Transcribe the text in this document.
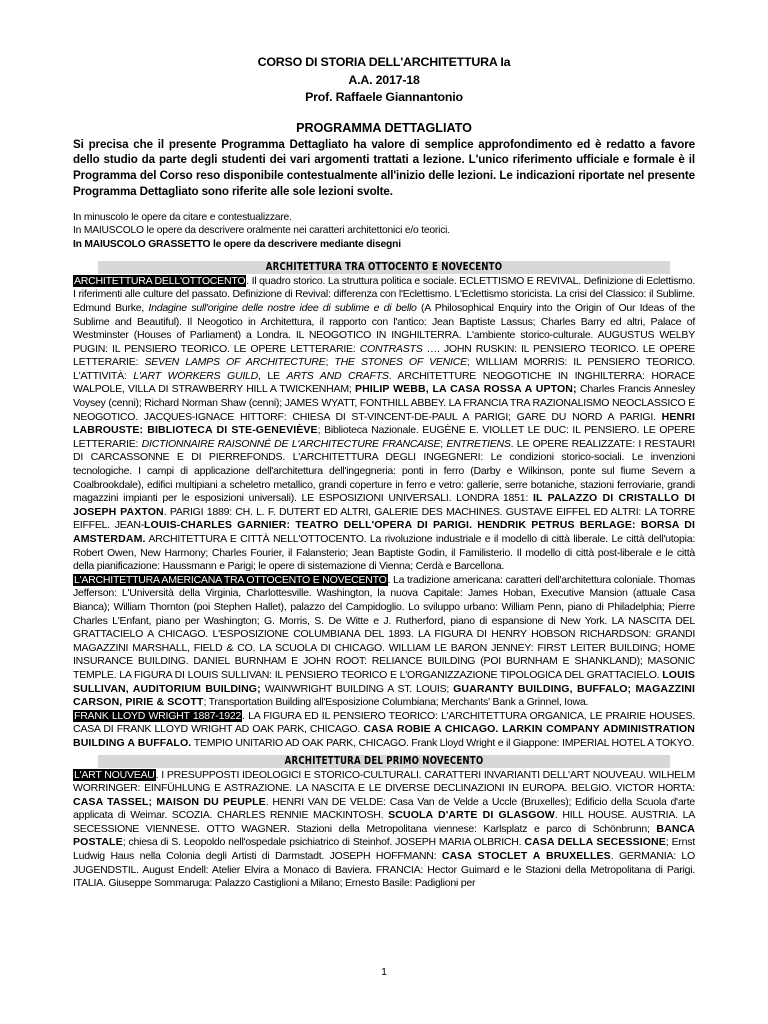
CORSO DI STORIA DELL'ARCHITETTURA Ia
A.A. 2017-18
Prof. Raffaele Giannantonio
PROGRAMMA DETTAGLIATO
Si precisa che il presente Programma Dettagliato ha valore di semplice approfondimento ed è redatto a favore dello studio da parte degli studenti dei vari argomenti trattati a lezione. L'unico riferimento ufficiale e formale è il Programma del Corso reso disponibile contestualmente all'inizio delle lezioni. Le indicazioni riportate nel presente Programma Dettagliato sono riferite alle sole lezioni svolte.
In minuscolo le opere da citare e contestualizzare.
In MAIUSCOLO le opere da descrivere oralmente nei caratteri architettonici e/o teorici.
In MAIUSCOLO GRASSETTO le opere da descrivere mediante disegni
ARCHITETTURA TRA OTTOCENTO E NOVECENTO
ARCHITETTURA DELL'OTTOCENTO. Il quadro storico. La struttura politica e sociale. ECLETTISMO E REVIVAL. Definizione di Eclettismo. I riferimenti alle culture del passato. Definizione di Revival: differenza con l'Eclettismo. L'Eclettismo storicista. La crisi del Classico: il Sublime. Edmund Burke, Indagine sull'origine delle nostre idee di sublime e di bello (A Philosophical Enquiry into the Origin of Our Ideas of the Sublime and Beautiful). Il Neogotico in Architettura, il rapporto con l'antico: Jean Baptiste Lassus; Charles Barry ed altri, Palace of Westminster (Houses of Parliament) a Londra. IL NEOGOTICO IN INGHILTERRA. L'ambiente storico-culturale. AUGUSTUS WELBY PUGIN: IL PENSIERO TEORICO. LE OPERE LETTERARIE: CONTRASTS …. JOHN RUSKIN: IL PENSIERO TEORICO. LE OPERE LETTERARIE: SEVEN LAMPS OF ARCHITECTURE; THE STONES OF VENICE; WILLIAM MORRIS: IL PENSIERO TEORICO. L'ATTIVITÀ: L'ART WORKERS GUILD, LE ARTS AND CRAFTS. ARCHITETTURE NEOGOTICHE IN INGHILTERRA: HORACE WALPOLE, VILLA DI STRAWBERRY HILL A TWICKENHAM; PHILIP WEBB, LA CASA ROSSA A UPTON; Charles Francis Annesley Voysey (cenni); Richard Norman Shaw (cenni); JAMES WYATT, FONTHILL ABBEY. LA FRANCIA TRA RAZIONALISMO NEOCLASSICO E NEOGOTICO. JACQUES-IGNACE HITTORF: CHIESA DI ST-VINCENT-DE-PAUL A PARIGI; GARE DU NORD A PARIGI. HENRI LABROUSTE: BIBLIOTECA DI STE-GENEVIÈVE; Biblioteca Nazionale. EUGÈNE E. VIOLLET LE DUC: IL PENSIERO. LE OPERE LETTERARIE: DICTIONNAIRE RAISONNÉ DE L'ARCHITECTURE FRANCAISE; ENTRETIENS. LE OPERE REALIZZATE: I RESTAURI DI CARCASSONNE E DI PIERREFONDS. L'ARCHITETTURA DEGLI INGEGNERI: Le condizioni storico-sociali. Le invenzioni tecnologiche. I campi di applicazione dell'architettura dell'ingegneria: ponti in ferro (Darby e Wilkinson, ponte sul fiume Severn a Coalbrookdale), edifici multipiani a scheletro metallico, grandi coperture in ferro e vetro: gallerie, serre botaniche, stazioni ferroviarie, grandi magazzini impianti per le esposizioni universali). LE ESPOSIZIONI UNIVERSALI. LONDRA 1851: IL PALAZZO DI CRISTALLO DI JOSEPH PAXTON. PARIGI 1889: CH. L. F. DUTERT ED ALTRI, GALERIE DES MACHINES. GUSTAVE EIFFEL ED ALTRI: LA TORRE EIFFEL. JEAN-LOUIS-CHARLES GARNIER: TEATRO DELL'OPERA DI PARIGI. HENDRIK PETRUS BERLAGE: BORSA DI AMSTERDAM. ARCHITETTURA E CITTÀ NELL'OTTOCENTO. La rivoluzione industriale e il modello di città liberale. Le città dell'utopia: Robert Owen, New Harmony; Charles Fourier, il Falansterio; Jean Baptiste Godin, il Familisterio. Il modello di città post-liberale e le città della pianificazione: Haussmann e Parigi; le opere di sistemazione di Vienna; Cerdà e Barcellona.
L'ARCHITETTURA AMERICANA TRA OTTOCENTO E NOVECENTO. La tradizione americana: caratteri dell'architettura coloniale. Thomas Jefferson: L'Università della Virginia, Charlottesville. Washington, la nuova Capitale: James Hoban, Executive Mansion (attuale Casa Bianca); William Thornton (poi Stephen Hallet), palazzo del Campidoglio. Lo sviluppo urbano: William Penn, piano di Philadelphia; Pierre Charles L'Enfant, piano per Washington; G. Morris, S. De Witte e J. Rutherford, piano di espansione di New York. LA NASCITA DEL GRATTACIELO A CHICAGO. L'ESPOSIZIONE COLUMBIANA DEL 1893. LA FIGURA DI HENRY HOBSON RICHARDSON: GRANDI MAGAZZINI MARSHALL, FIELD & CO. LA SCUOLA DI CHICAGO. WILLIAM LE BARON JENNEY: FIRST LEITER BUILDING; HOME INSURANCE BUILDING. DANIEL BURNHAM E JOHN ROOT: RELIANCE BUILDING (POI BURNHAM E SHANKLAND); MASONIC TEMPLE. LA FIGURA DI LOUIS SULLIVAN: IL PENSIERO TEORICO E L'ORGANIZZAZIONE TIPOLOGICA DEL GRATTACIELO. LOUIS SULLIVAN, AUDITORIUM BUILDING; WAINWRIGHT BUILDING A ST. LOUIS; GUARANTY BUILDING, BUFFALO; MAGAZZINI CARSON, PIRIE & SCOTT; Transportation Building all'Esposizione Columbiana; Merchants' Bank a Grinnel, Iowa.
FRANK LLOYD WRIGHT 1887-1922. LA FIGURA ED IL PENSIERO TEORICO: L'ARCHITETTURA ORGANICA, LE PRAIRIE HOUSES. CASA DI FRANK LLOYD WRIGHT AD OAK PARK, CHICAGO. CASA ROBIE A CHICAGO. LARKIN COMPANY ADMINISTRATION BUILDING A BUFFALO. TEMPIO UNITARIO AD OAK PARK, CHICAGO. Frank Lloyd Wright e il Giappone: IMPERIAL HOTEL A TOKYO.
ARCHITETTURA DEL PRIMO NOVECENTO
L'ART NOUVEAU. I PRESUPPOSTI IDEOLOGICI E STORICO-CULTURALI. CARATTERI INVARIANTI DELL'ART NOUVEAU. WILHELM WORRINGER: EINFÜHLUNG E ASTRAZIONE. LA NASCITA E LE DIVERSE DECLINAZIONI IN EUROPA. BELGIO. VICTOR HORTA: CASA TASSEL; MAISON DU PEUPLE. HENRI VAN DE VELDE: Casa Van de Velde a Uccle (Bruxelles); Edificio della Scuola d'arte applicata di Weimar. SCOZIA. CHARLES RENNIE MACKINTOSH. SCUOLA D'ARTE DI GLASGOW. HILL HOUSE. AUSTRIA. LA SECESSIONE VIENNESE. OTTO WAGNER. Stazioni della Metropolitana viennese: Karlsplatz e parco di Schönbrunn; BANCA POSTALE; chiesa di S. Leopoldo nell'ospedale psichiatrico di Steinhof. JOSEPH MARIA OLBRICH. CASA DELLA SECESSIONE; Ernst Ludwig Haus nella Colonia degli Artisti di Darmstadt. JOSEPH HOFFMANN: CASA STOCLET A BRUXELLES. GERMANIA: LO JUGENDSTIL. August Endell: Atelier Elvira a Monaco di Baviera. FRANCIA: Hector Guimard e le Stazioni della Metropolitana di Parigi. ITALIA. Giuseppe Sommaruga: Palazzo Castiglioni a Milano; Ernesto Basile: Padiglioni per
1
